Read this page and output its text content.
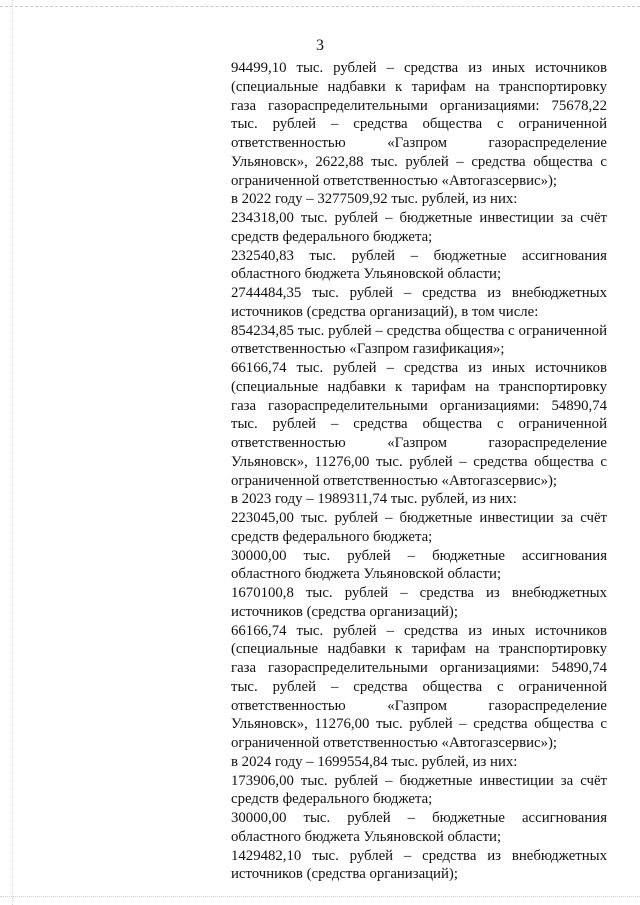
3

94499,10 тыс. рублей – средства из иных источников (специальные надбавки к тарифам на транспортировку газа газораспределительными организациями: 75678,22 тыс. рублей – средства общества с ограниченной ответственностью «Газпром газораспределение Ульяновск», 2622,88 тыс. рублей – средства общества с ограниченной ответственностью «Автогазсервис»);

в 2022 году – 3277509,92 тыс. рублей, из них:

234318,00 тыс. рублей – бюджетные инвестиции за счёт средств федерального бюджета;

232540,83 тыс. рублей – бюджетные ассигнования областного бюджета Ульяновской области;

2744484,35 тыс. рублей – средства из внебюджетных источников (средства организаций), в том числе:

854234,85 тыс. рублей – средства общества с ограниченной ответственностью «Газпром газификация»;

66166,74 тыс. рублей – средства из иных источников (специальные надбавки к тарифам на транспортировку газа газораспределительными организациями: 54890,74 тыс. рублей – средства общества с ограниченной ответственностью «Газпром газораспределение Ульяновск», 11276,00 тыс. рублей – средства общества с ограниченной ответственностью «Автогазсервис»);

в 2023 году – 1989311,74 тыс. рублей, из них:

223045,00 тыс. рублей – бюджетные инвестиции за счёт средств федерального бюджета;

30000,00 тыс. рублей – бюджетные ассигнования областного бюджета Ульяновской области;

1670100,8 тыс. рублей – средства из внебюджетных источников (средства организаций);

66166,74 тыс. рублей – средства из иных источников (специальные надбавки к тарифам на транспортировку газа газораспределительными организациями: 54890,74 тыс. рублей – средства общества с ограниченной ответственностью «Газпром газораспределение Ульяновск», 11276,00 тыс. рублей – средства общества с ограниченной ответственностью «Автогазсервис»);

в 2024 году – 1699554,84 тыс. рублей, из них:

173906,00 тыс. рублей – бюджетные инвестиции за счёт средств федерального бюджета;

30000,00 тыс. рублей – бюджетные ассигнования областного бюджета Ульяновской области;

1429482,10 тыс. рублей – средства из внебюджетных источников (средства организаций);
